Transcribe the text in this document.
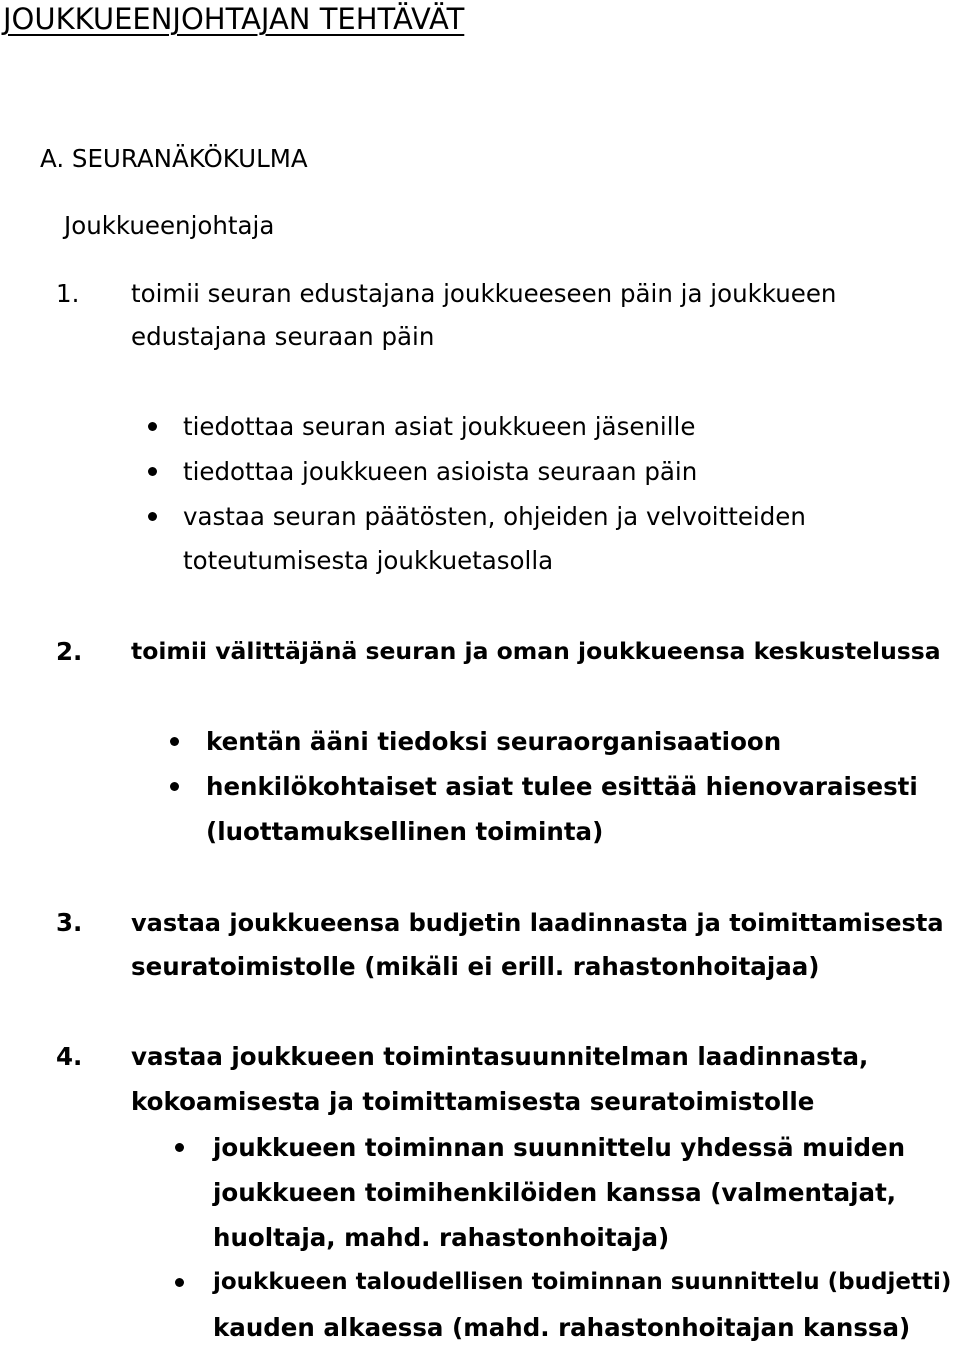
JOUKKUEENJOHTAJAN TEHTÄVÄT
A. SEURANÄKÖKULMA
Joukkueenjohtaja
1. toimii seuran edustajana joukkueeseen päin ja joukkueen
edustajana seuraan päin
tiedottaa seuran asiat joukkueen jäsenille
tiedottaa joukkueen asioista seuraan päin
vastaa seuran päätösten, ohjeiden ja velvoitteiden
toteutumisesta joukkuetasolla
2. toimii välittäjänä seuran ja oman joukkueensa keskustelussa
kentän ääni tiedoksi seuraorganisaatioon
henkilökohtaiset asiat tulee esittää hienovaraisesti
(luottamuksellinen toiminta)
3. vastaa joukkueensa budjetin laadinnasta ja toimittamisesta
seuratoimistolle (mikäli ei erill. rahastonhoitajaa)
4. vastaa joukkueen toimintasuunnitelman laadinnasta,
kokoamisesta ja toimittamisesta seuratoimistolle
joukkueen toiminnan suunnittelu yhdessä muiden
joukkueen toimihenkilöiden kanssa (valmentajat,
huoltaja, mahd. rahastonhoitaja)
joukkueen taloudellisen toiminnan suunnittelu (budjetti)
kauden alkaessa (mahd. rahastonhoitajan kanssa)
